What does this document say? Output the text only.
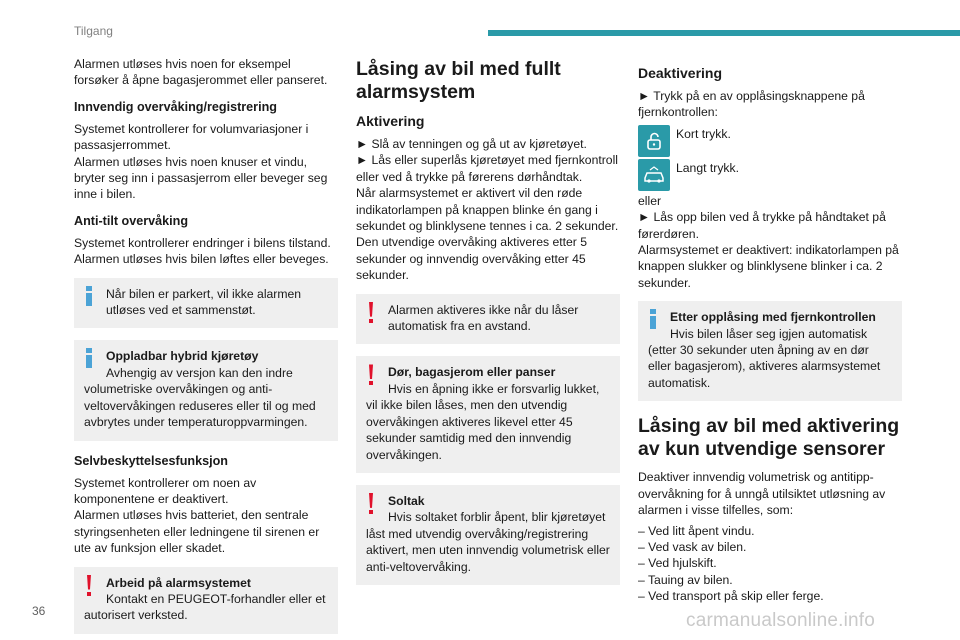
Tilgang

Alarmen utløses hvis noen for eksempel forsøker å åpne bagasjerommet eller panseret.

Innvendig overvåking/registrering

Systemet kontrollerer for volumvariasjoner i passasjerrommet.
Alarmen utløses hvis noen knuser et vindu, bryter seg inn i passasjerrom eller beveger seg inne i bilen.

Anti-tilt overvåking

Systemet kontrollerer endringer i bilens tilstand. Alarmen utløses hvis bilen løftes eller beveges.

Når bilen er parkert, vil ikke alarmen utløses ved et sammenstøt.
Oppladbar hybrid kjøretøy
Avhengig av versjon kan den indre volumetriske overvåkingen og anti-veltovervåkingen reduseres eller til og med avbrytes under temperaturoppvarmingen.
Selvbeskyttelsesfunksjon

Systemet kontrollerer om noen av komponentene er deaktivert.
Alarmen utløses hvis batteriet, den sentrale styringsenheten eller ledningene til sirenen er ute av funksjon eller skadet.

Arbeid på alarmsystemet
Kontakt en PEUGEOT-forhandler eller et autorisert verksted.
Låsing av bil med fullt alarmsystem
Aktivering

► Slå av tenningen og gå ut av kjøretøyet.
► Lås eller superlås kjøretøyet med fjernkontroll eller ved å trykke på førerens dørhåndtak.
Når alarmsystemet er aktivert vil den røde indikatorlampen på knappen blinke én gang i sekundet og blinklysene tennes i ca. 2 sekunder.
Den utvendige overvåking aktiveres etter 5 sekunder og innvendig overvåking etter 45 sekunder.

Alarmen aktiveres ikke når du låser automatisk fra en avstand.
Dør, bagasjerom eller panser
Hvis en åpning ikke er forsvarlig lukket, vil ikke bilen låses, men den utvendig overvåkingen aktiveres likevel etter 45 sekunder samtidig med den innvendig overvåkingen.
Soltak
Hvis soltaket forblir åpent, blir kjøretøyet låst med utvendig overvåking/registrering aktivert, men uten innvendig volumetrisk eller anti-veltovervåking.
Deaktivering

► Trykk på en av opplåsingsknappene på fjernkontrollen:

Kort trykk.
Langt trykk.

eller
► Lås opp bilen ved å trykke på håndtaket på førerdøren.
Alarmsystemet er deaktivert: indikatorlampen på knappen slukker og blinklysene blinker i ca. 2 sekunder.

Etter opplåsing med fjernkontrollen
Hvis bilen låser seg igjen automatisk (etter 30 sekunder uten åpning av en dør eller bagasjerom), aktiveres alarmsystemet automatisk.
Låsing av bil med aktivering av kun utvendige sensorer

Deaktiver innvendig volumetrisk og antitipp-overvåkning for å unngå utilsiktet utløsning av alarmen i visse tilfelles, som:

– Ved litt åpent vindu.
– Ved vask av bilen.
– Ved hjulskift.
– Tauing av bilen.
– Ved transport på skip eller ferge.
36	carmanualsonline.info
